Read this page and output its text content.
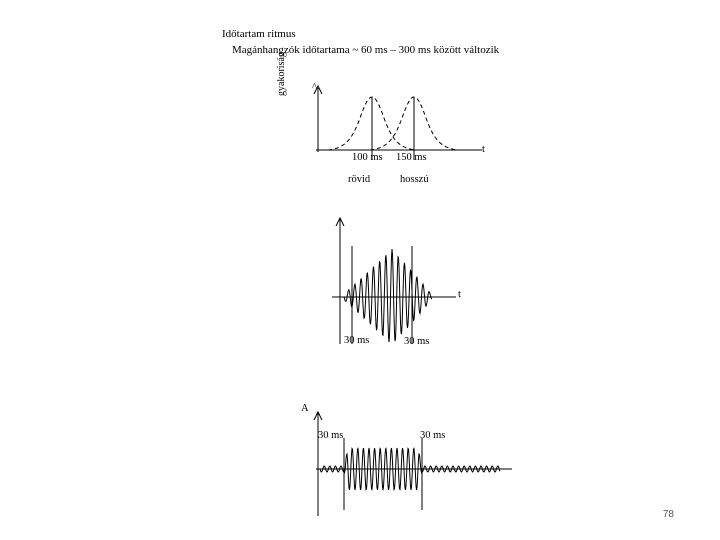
Időtartam ritmus
Magánhangzók időtartama ~ 60 ms – 300 ms között változik
gyakoriság ^
t
100 ms 150 ms
rövid	hosszú
t
30 ms	30 ms
A
30 ms	30 ms
78
